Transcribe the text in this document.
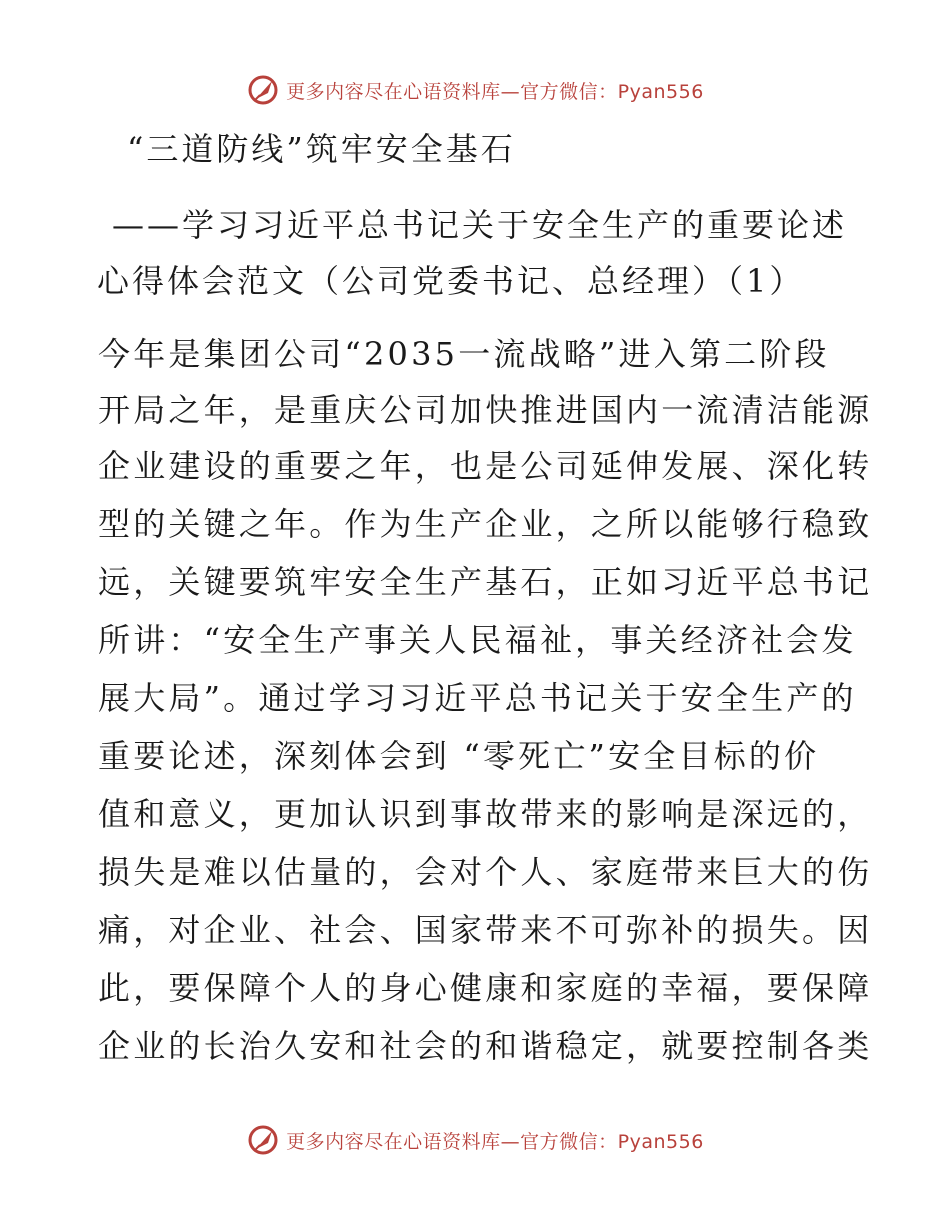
更多内容尽在心语资料库—官方微信：Pyan556
“三道防线”筑牢安全基石
——学习习近平总书记关于安全生产的重要论述
心得体会范文（公司党委书记、总经理）（1）
今年是集团公司“2035一流战略”进入第二阶段
开局之年，是重庆公司加快推进国内一流清洁能源
企业建设的重要之年，也是公司延伸发展、深化转
型的关键之年。作为生产企业，之所以能够行稳致
远，关键要筑牢安全生产基石，正如习近平总书记
所讲：“安全生产事关人民福祉，事关经济社会发
展大局”。通过学习习近平总书记关于安全生产的
重要论述，深刻体会到 “零死亡”安全目标的价
值和意义，更加认识到事故带来的影响是深远的，
损失是难以估量的，会对个人、家庭带来巨大的伤
痛，对企业、社会、国家带来不可弥补的损失。因
此，要保障个人的身心健康和家庭的幸福，要保障
企业的长治久安和社会的和谐稳定，就要控制各类
更多内容尽在心语资料库—官方微信：Pyan556
